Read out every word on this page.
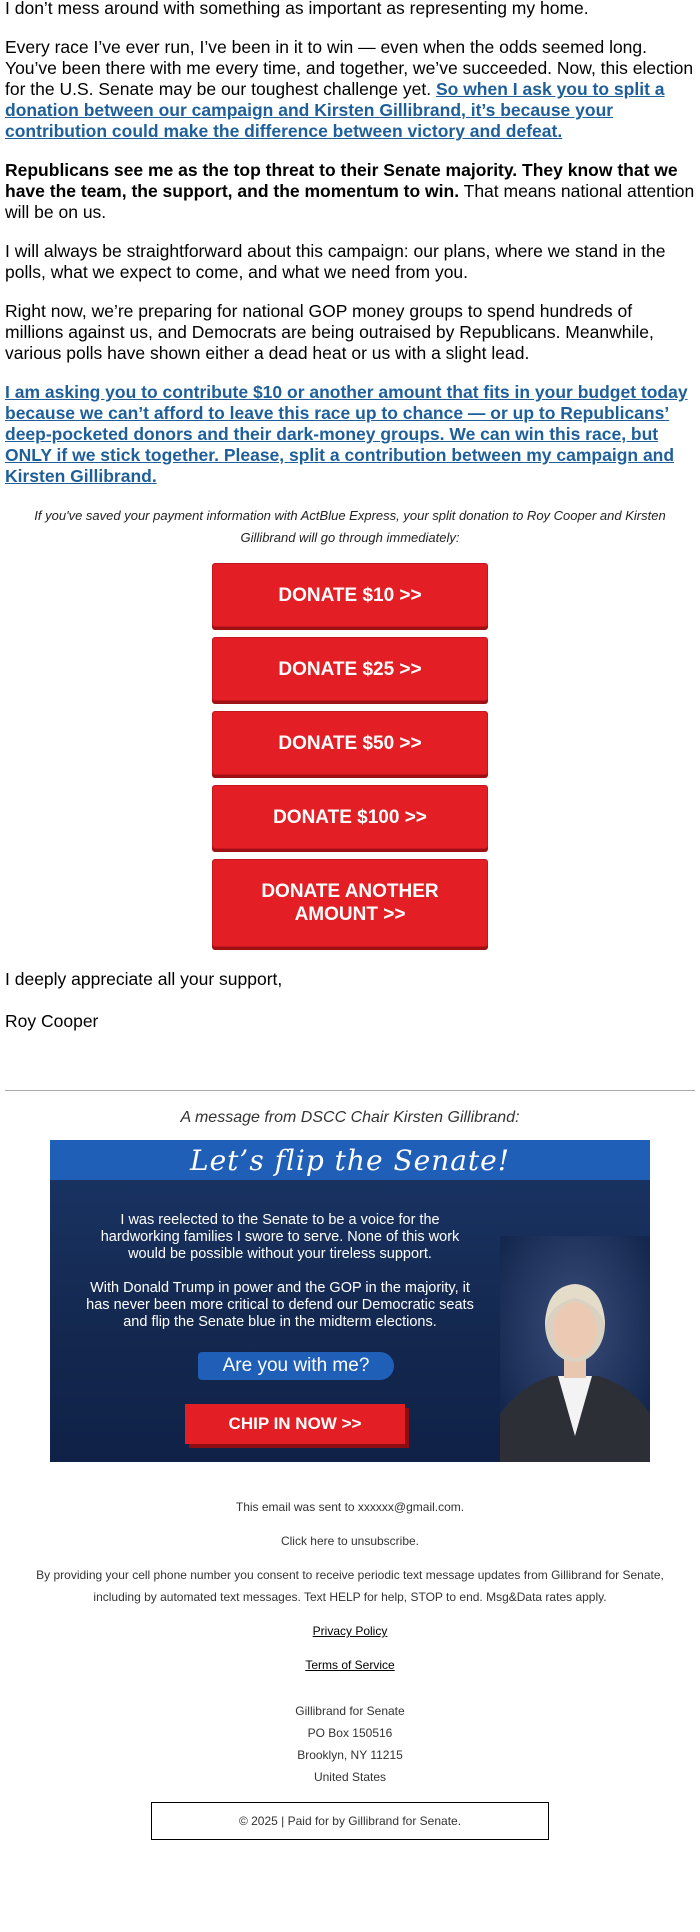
I don’t mess around with something as important as representing my home.

Every race I’ve ever run, I’ve been in it to win — even when the odds seemed long. You’ve been there with me every time, and together, we’ve succeeded. Now, this election for the U.S. Senate may be our toughest challenge yet. So when I ask you to split a donation between our campaign and Kirsten Gillibrand, it’s because your contribution could make the difference between victory and defeat.

Republicans see me as the top threat to their Senate majority. They know that we have the team, the support, and the momentum to win. That means national attention will be on us.

I will always be straightforward about this campaign: our plans, where we stand in the polls, what we expect to come, and what we need from you.

Right now, we’re preparing for national GOP money groups to spend hundreds of millions against us, and Democrats are being outraised by Republicans. Meanwhile, various polls have shown either a dead heat or us with a slight lead.

I am asking you to contribute $10 or another amount that fits in your budget today because we can’t afford to leave this race up to chance — or up to Republicans’ deep-pocketed donors and their dark-money groups. We can win this race, but ONLY if we stick together. Please, split a contribution between my campaign and Kirsten Gillibrand.

If you've saved your payment information with ActBlue Express, your split donation to Roy Cooper and Kirsten Gillibrand will go through immediately:
DONATE $10 >>
DONATE $25 >>
DONATE $50 >>
DONATE $100 >>
DONATE ANOTHER AMOUNT >>

I deeply appreciate all your support,

Roy Cooper

A message from DSCC Chair Kirsten Gillibrand:
Let’s flip the Senate!

I was reelected to the Senate to be a voice for the hardworking families I swore to serve. None of this work would be possible without your tireless support.

With Donald Trump in power and the GOP in the majority, it has never been more critical to defend our Democratic seats and flip the Senate blue in the midterm elections.

Are you with me?
CHIP IN NOW >>

This email was sent to xxxxxx@gmail.com.

Click here to unsubscribe.

By providing your cell phone number you consent to receive periodic text message updates from Gillibrand for Senate, including by automated text messages. Text HELP for help, STOP to end. Msg&Data rates apply.

Privacy Policy

Terms of Service

Gillibrand for Senate
PO Box 150516
Brooklyn, NY 11215
United States
© 2025 | Paid for by Gillibrand for Senate.
